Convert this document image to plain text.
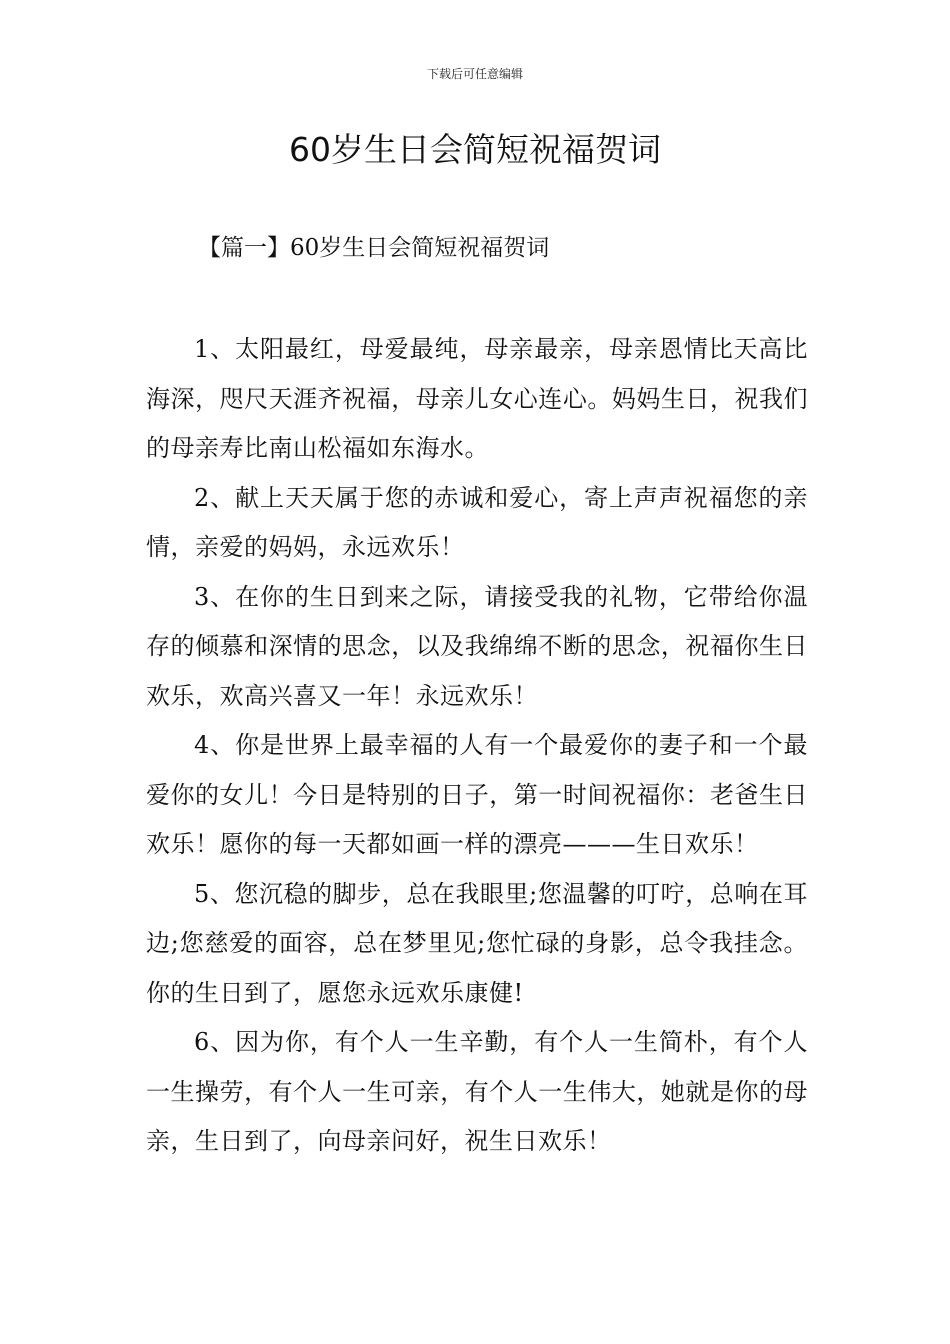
下载后可任意编辑
60岁生日会简短祝福贺词
【篇一】60岁生日会简短祝福贺词

1、太阳最红，母爱最纯，母亲最亲，母亲恩情比天高比海深，咫尺天涯齐祝福，母亲儿女心连心。妈妈生日，祝我们的母亲寿比南山松福如东海水。

2、献上天天属于您的赤诚和爱心，寄上声声祝福您的亲情，亲爱的妈妈，永远欢乐！

3、在你的生日到来之际，请接受我的礼物，它带给你温存的倾慕和深情的思念，以及我绵绵不断的思念，祝福你生日欢乐，欢高兴喜又一年！永远欢乐！

4、你是世界上最幸福的人有一个最爱你的妻子和一个最爱你的女儿！今日是特别的日子，第一时间祝福你：老爸生日欢乐！愿你的每一天都如画一样的漂亮———生日欢乐！

5、您沉稳的脚步，总在我眼里;您温馨的叮咛，总响在耳边;您慈爱的面容，总在梦里见;您忙碌的身影，总令我挂念。你的生日到了，愿您永远欢乐康健!

6、因为你，有个人一生辛勤，有个人一生简朴，有个人一生操劳，有个人一生可亲，有个人一生伟大，她就是你的母亲，生日到了，向母亲问好，祝生日欢乐！
